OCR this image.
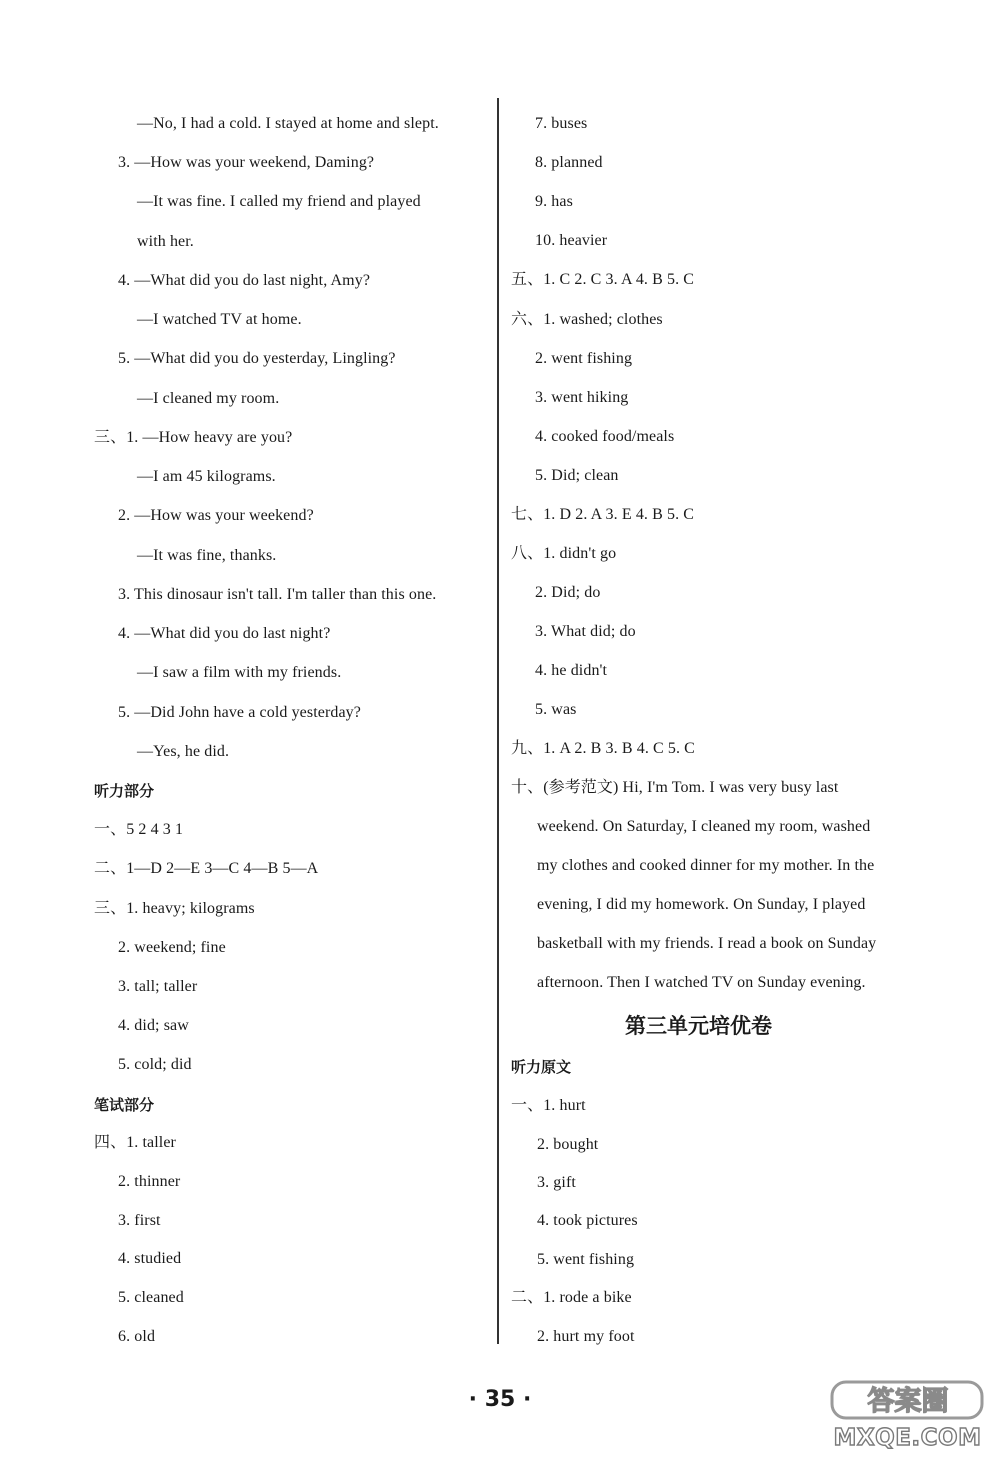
—No, I had a cold. I stayed at home and slept.
3. —How was your weekend, Daming?
—It was fine. I called my friend and played
with her.
4. —What did you do last night, Amy?
—I watched TV at home.
5. —What did you do yesterday, Lingling?
—I cleaned my room.
三、1. —How heavy are you?
—I am 45 kilograms.
2. —How was your weekend?
—It was fine, thanks.
3. This dinosaur isn't tall. I'm taller than this one.
4. —What did you do last night?
—I saw a film with my friends.
5. —Did John have a cold yesterday?
—Yes, he did.
听力部分
一、5 2 4 3 1
二、1—D 2—E 3—C 4—B 5—A
三、1. heavy; kilograms
2. weekend; fine
3. tall; taller
4. did; saw
5. cold; did
笔试部分
四、1. taller
2. thinner
3. first
4. studied
5. cleaned
6. old
7. buses
8. planned
9. has
10. heavier
五、1. C 2. C 3. A 4. B 5. C
六、1. washed; clothes
2. went fishing
3. went hiking
4. cooked food/meals
5. Did; clean
七、1. D 2. A 3. E 4. B 5. C
八、1. didn't go
2. Did; do
3. What did; do
4. he didn't
5. was
九、1. A 2. B 3. B 4. C 5. C
十、(参考范文) Hi, I'm Tom. I was very busy last
weekend. On Saturday, I cleaned my room, washed
my clothes and cooked dinner for my mother. In the
evening, I did my homework. On Sunday, I played
basketball with my friends. I read a book on Sunday
afternoon. Then I watched TV on Sunday evening.
第三单元培优卷
听力原文
一、1. hurt
2. bought
3. gift
4. took pictures
5. went fishing
二、1. rode a bike
2. hurt my foot
· 35 ·	答案圈
MXQE.COM
